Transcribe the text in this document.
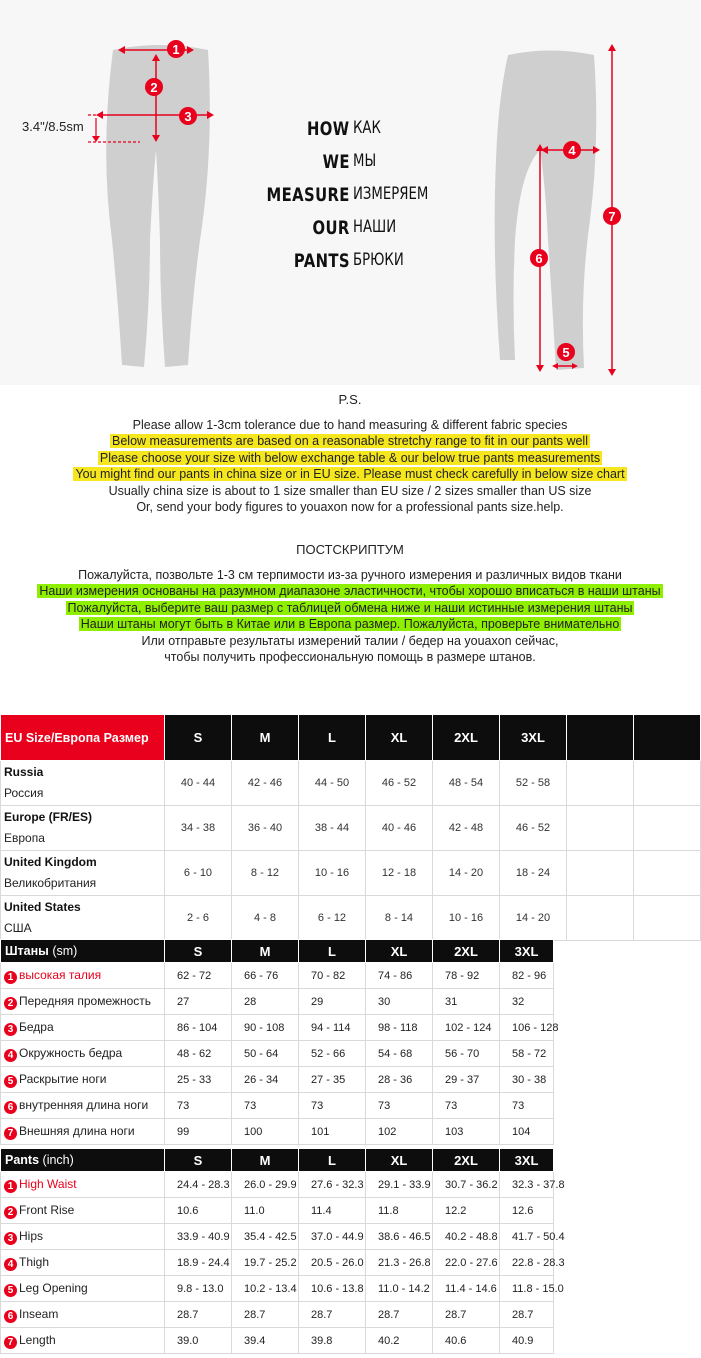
1
2
3
4
5
6
7
3.4"/8.5sm	HOW КАК
WE МЫ
MEASURE ИЗМЕРЯЕМ
OUR НАШИ
PANTS БРЮКИ
P.S.
Please allow 1-3cm tolerance due to hand measuring & different fabric species
Below measurements are based on a reasonable stretchy range to fit in our pants well
Please choose your size with below exchange table & our below true pants measurements
You might find our pants in china size or in EU size. Please must check carefully in below size chart
Usually china size is about to 1 size smaller than EU size / 2 sizes smaller than US size
Or, send your body figures to youaxon now for a professional pants size.help.
ПОСТСКРИПТУМ
Пожалуйста, позвольте 1-3 см терпимости из-за ручного измерения и различных видов ткани
Наши измерения основаны на разумном диапазоне эластичности, чтобы хорошо вписаться в наши штаны
Пожалуйста, выберите ваш размер с таблицей обмена ниже и наши истинные измерения штаны
Наши штаны могут быть в Китае или в Европа размер. Пожалуйста, проверьте внимательно
Или отправьте результаты измерений талии / бедер на youaxon сейчас,
чтобы получить профессиональную помощь в размере штанов.
EU Size/Европа Размер	S	M	L	XL	2XL	3XL		
Russia
Россия	40 - 44	42 - 46	44 - 50	46 - 52	48 - 54	52 - 58		
Europe (FR/ES)
Европа	34 - 38	36 - 40	38 - 44	40 - 46	42 - 48	46 - 52		
United Kingdom
Великобритания	6 - 10	8 - 12	10 - 16	12 - 18	14 - 20	18 - 24		
United States
США	2 - 6	4 - 8	6 - 12	8 - 14	10 - 16	14 - 20		
Штаны (sm)	S	M	L	XL	2XL	3XL	
1 высокая талия	62 - 72	66 - 76	70 - 82	74 - 86	78 - 92	82 - 96	
2 Передняя промежность	27	28	29	30	31	32	
3 Бедра	86 - 104	90 - 108	94 - 114	98 - 118	102 - 124	106 - 128	
4 Окружность бедра	48 - 62	50 - 64	52 - 66	54 - 68	56 - 70	58 - 72	
5 Раскрытие ноги	25 - 33	26 - 34	27 - 35	28 - 36	29 - 37	30 - 38	
6 внутренняя длина ноги	73	73	73	73	73	73	
7 Внешняя длина ноги	99	100	101	102	103	104	
Pants (inch)	S	M	L	XL	2XL	3XL	
1 High Waist	24.4 - 28.3	26.0 - 29.9	27.6 - 32.3	29.1 - 33.9	30.7 - 36.2	32.3 - 37.8	
2 Front Rise	10.6	11.0	11.4	11.8	12.2	12.6	
3 Hips	33.9 - 40.9	35.4 - 42.5	37.0 - 44.9	38.6 - 46.5	40.2 - 48.8	41.7 - 50.4	
4 Thigh	18.9 - 24.4	19.7 - 25.2	20.5 - 26.0	21.3 - 26.8	22.0 - 27.6	22.8 - 28.3	
5 Leg Opening	9.8 - 13.0	10.2 - 13.4	10.6 - 13.8	11.0 - 14.2	11.4 - 14.6	11.8 - 15.0	
6 Inseam	28.7	28.7	28.7	28.7	28.7	28.7	
7 Length	39.0	39.4	39.8	40.2	40.6	40.9	
